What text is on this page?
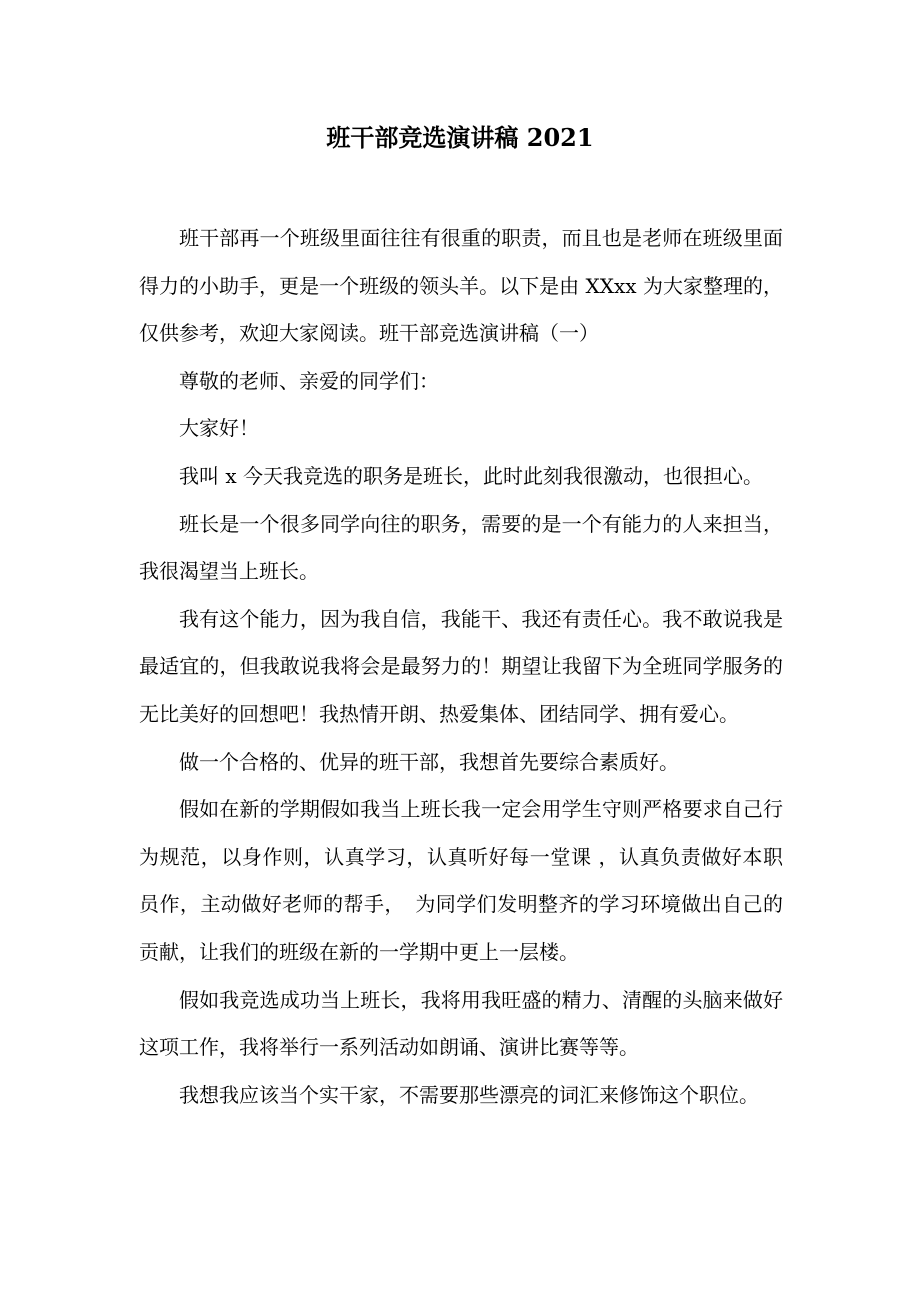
班干部竞选演讲稿 2021

班干部再一个班级里面往往有很重的职责，而且也是老师在班级里面得力的小助手，更是一个班级的领头羊。以下是由 XXxx 为大家整理的，仅供参考，欢迎大家阅读。班干部竞选演讲稿（一）

尊敬的老师、亲爱的同学们：

大家好！

我叫 x 今天我竞选的职务是班长，此时此刻我很激动，也很担心。

班长是一个很多同学向往的职务，需要的是一个有能力的人来担当，我很渴望当上班长。

我有这个能力，因为我自信，我能干、我还有责任心。我不敢说我是最适宜的，但我敢说我将会是最努力的！期望让我留下为全班同学服务的无比美好的回想吧！我热情开朗、热爱集体、团结同学、拥有爱心。

做一个合格的、优异的班干部，我想首先要综合素质好。

假如在新的学期假如我当上班长我一定会用学生守则严格要求自己行为规范，以身作则，认真学习，认真听好每一堂课 ，认真负责做好本职员作，主动做好老师的帮手，　为同学们发明整齐的学习环境做出自己的贡献，让我们的班级在新的一学期中更上一层楼。

假如我竞选成功当上班长，我将用我旺盛的精力、清醒的头脑来做好这项工作，我将举行一系列活动如朗诵、演讲比赛等等。

我想我应该当个实干家，不需要那些漂亮的词汇来修饰这个职位。
